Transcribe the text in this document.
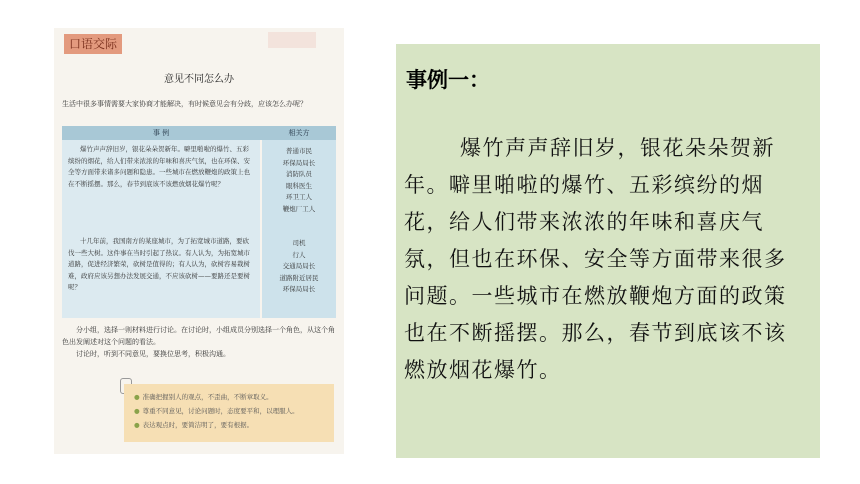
口语交际
意见不同怎么办
生活中很多事情需要大家协商才能解决，有时候意见会有分歧，应该怎么办呢？
事 例	相关方
爆竹声声辞旧岁，银花朵朵贺新年。噼里啪啦的爆竹、五彩缤纷的烟花，给人们带来浓浓的年味和喜庆气氛，也在环保、安全等方面带来诸多问题和隐患。一些城市在燃放鞭炮的政策上也在不断摇摆。那么，春节到底该不该燃放烟花爆竹呢？
普通市民
环保局局长
消防队员
眼科医生
环卫工人
鞭炮厂工人
十几年前，我国南方的某座城市，为了拓宽城市道路，要砍伐一些大树。这件事在当时引起了热议。有人认为，为拓宽城市道路，促进经济繁荣，砍树是值得的；有人认为，砍树容易栽树难，政府应该另想办法发展交通，不应该砍树——要路还是要树呢？
司机
行人
交通局局长
道路附近居民
环保局局长
分小组，选择一则材料进行讨论。在讨论时，小组成员分别选择一个角色，从这个角色出发阐述对这个问题的看法。
讨论时，听到不同意见，要换位思考，积极沟通。
● 准确把握别人的观点，不歪曲，不断章取义。
● 尊重不同意见，讨论问题时，态度要平和，以理服人。
● 表达观点时，要简洁明了，要有根据。
事例一：
爆竹声声辞旧岁，银花朵朵贺新年。噼里啪啦的爆竹、五彩缤纷的烟花，给人们带来浓浓的年味和喜庆气氛，但也在环保、安全等方面带来很多问题。一些城市在燃放鞭炮方面的政策也在不断摇摆。那么，春节到底该不该燃放烟花爆竹。
